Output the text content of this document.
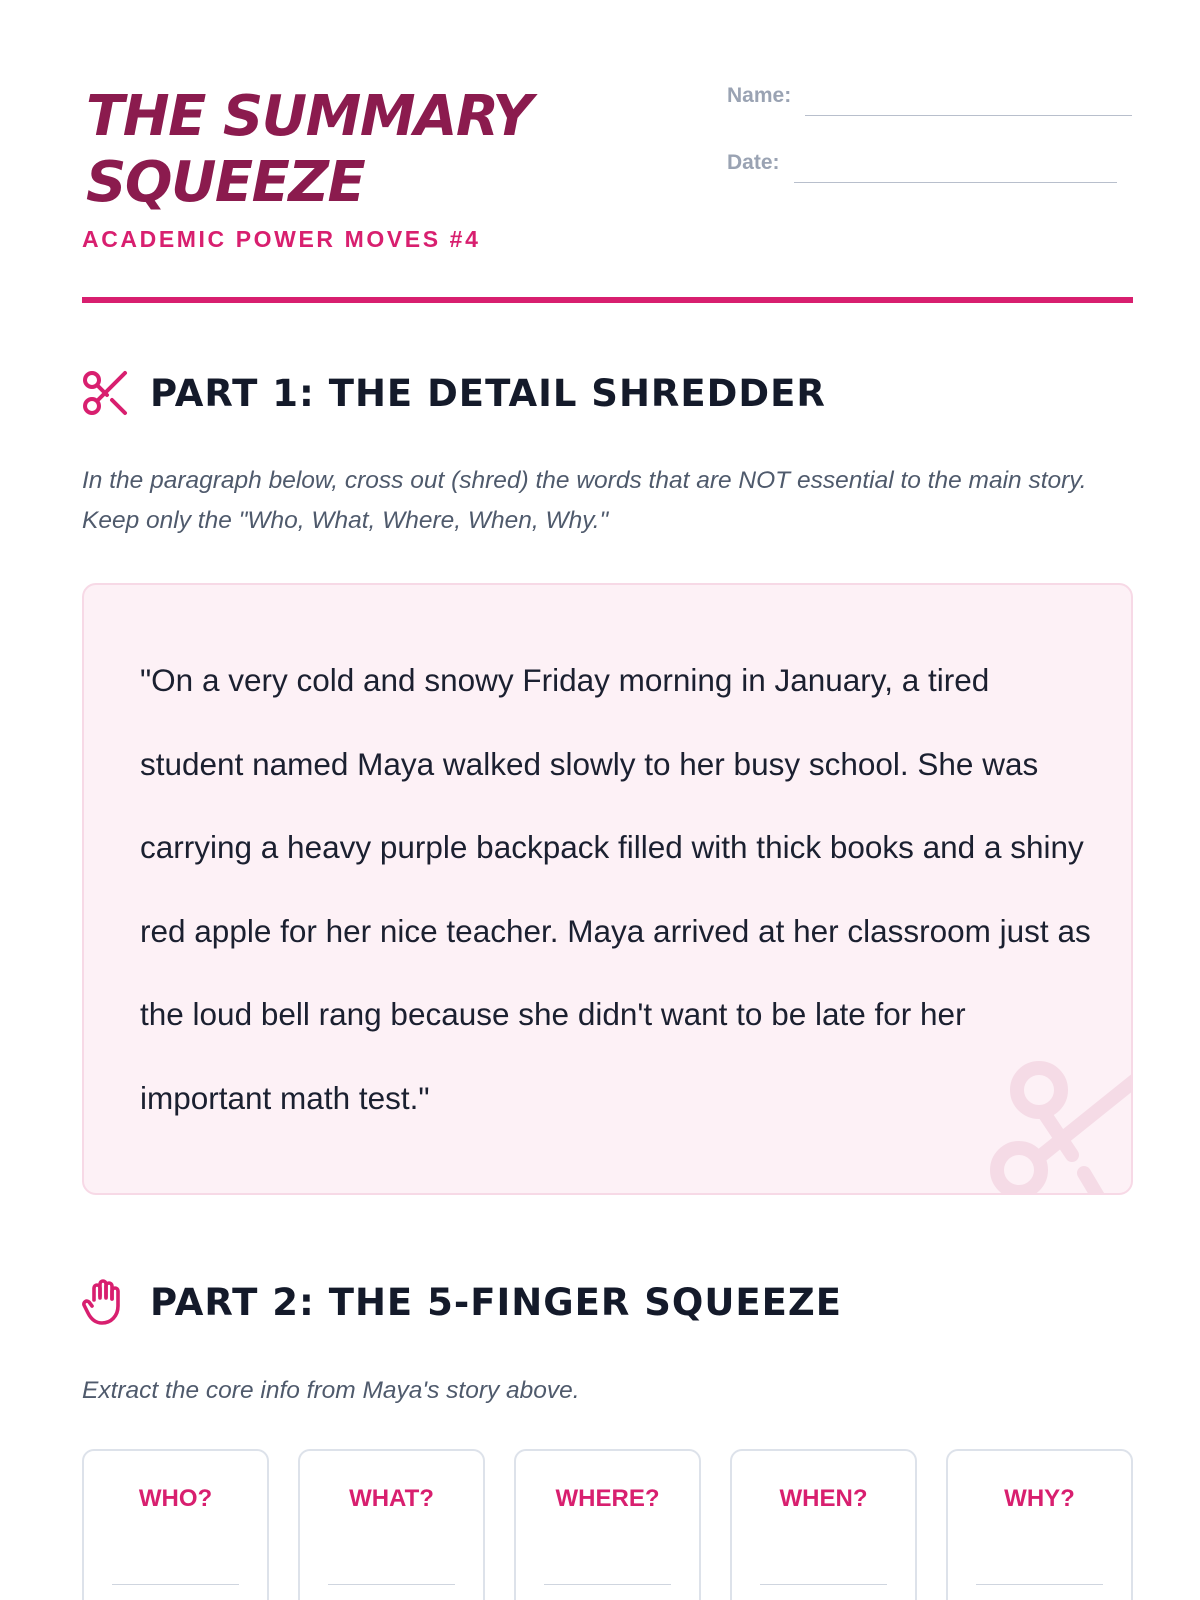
THE SUMMARY
SQUEEZE
ACADEMIC POWER MOVES #4
Name:
Date:
PART 1: THE DETAIL SHREDDER

In the paragraph below, cross out (shred) the words that are NOT essential to the main story. Keep only the "Who, What, Where, When, Why."

"On a very cold and snowy Friday morning in January, a tired student named Maya walked slowly to her busy school. She was carrying a heavy purple backpack filled with thick books and a shiny red apple for her nice teacher. Maya arrived at her classroom just as the loud bell rang because she didn't want to be late for her important math test."

PART 2: THE 5-FINGER SQUEEZE

Extract the core info from Maya's story above.

WHO?	WHAT?	WHERE?	WHEN?	WHY?
